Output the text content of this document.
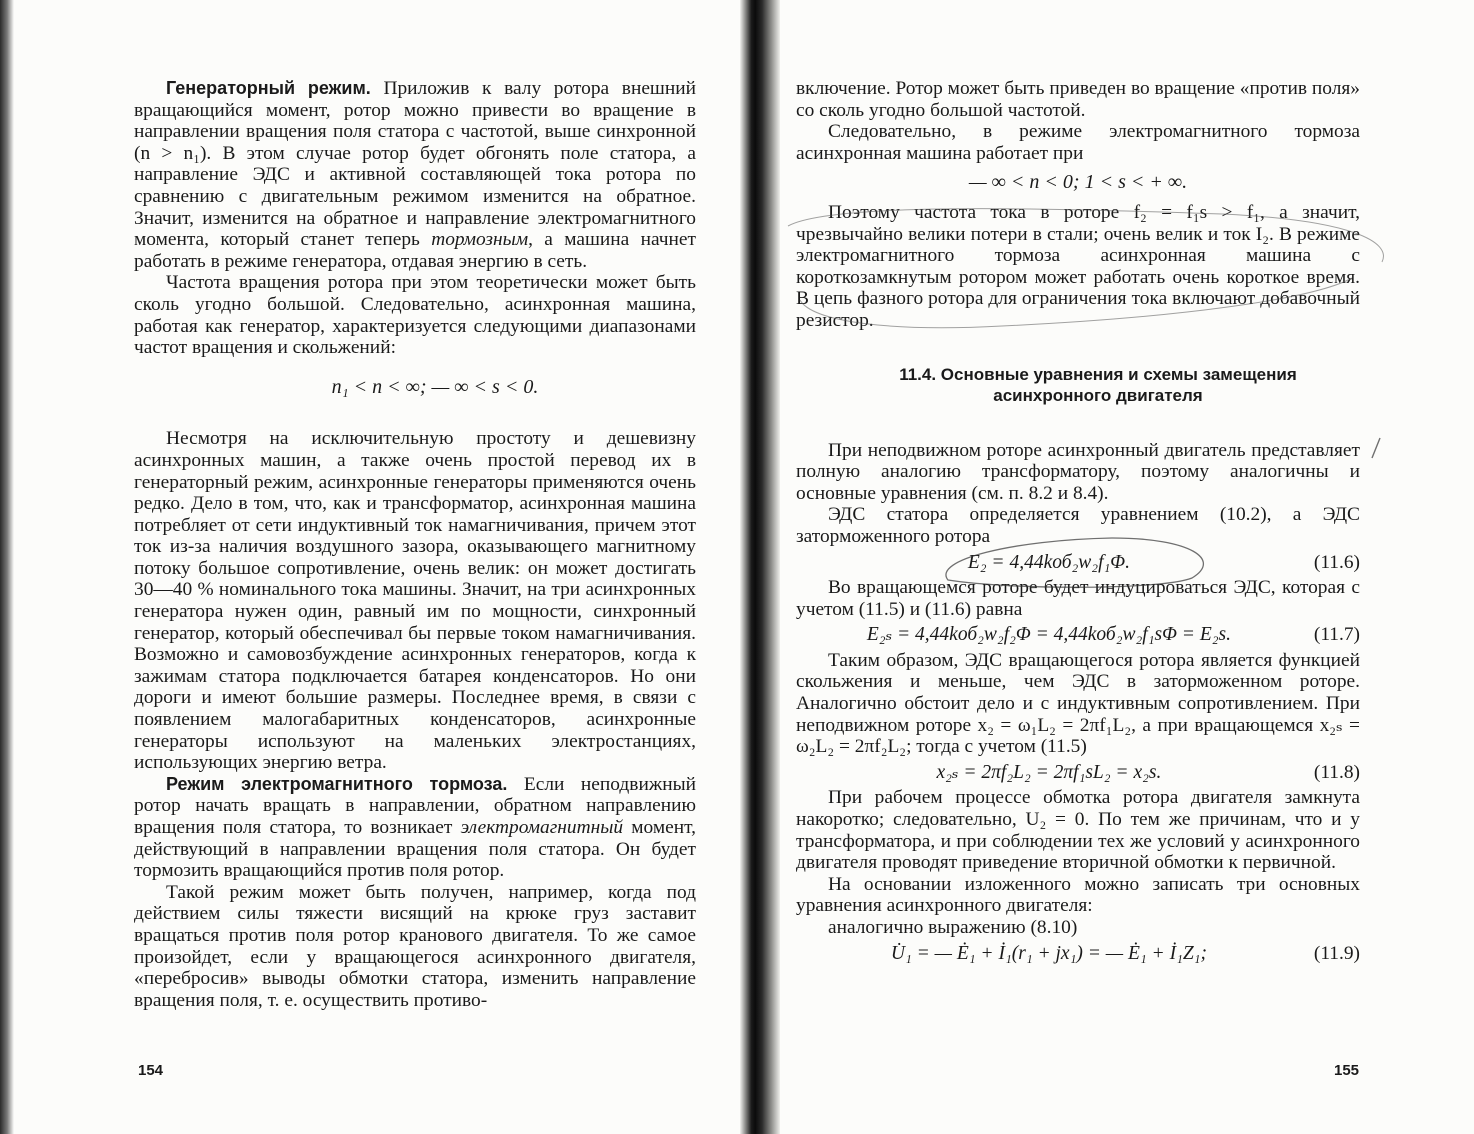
Генераторный режим. Приложив к валу ротора внешний вращающийся момент, ротор можно привести во вращение в направлении вращения поля статора с частотой, выше синхронной (n > n₁). В этом случае ротор будет обгонять поле статора, а направление ЭДС и активной составляющей тока ротора по сравнению с двигательным режимом изменится на обратное. Значит, изменится на обратное и направление электромагнитного момента, который станет теперь тормозным, а машина начнет работать в режиме генератора, отдавая энергию в сеть.

Частота вращения ротора при этом теоретически может быть сколь угодно большой. Следовательно, асинхронная машина, работая как генератор, характеризуется следующими диапазонами частот вращения и скольжений:

n₁ < n < ∞; — ∞ < s < 0.

Несмотря на исключительную простоту и дешевизну асинхронных машин, а также очень простой перевод их в генераторный режим, асинхронные генераторы применяются очень редко. Дело в том, что, как и трансформатор, асинхронная машина потребляет от сети индуктивный ток намагничивания, причем этот ток из-за наличия воздушного зазора, оказывающего магнитному потоку большое сопротивление, очень велик: он может достигать 30—40 % номинального тока машины. Значит, на три асинхронных генератора нужен один, равный им по мощности, синхронный генератор, который обеспечивал бы первые током намагничивания. Возможно и самовозбуждение асинхронных генераторов, когда к зажимам статора подключается батарея конденсаторов. Но они дороги и имеют большие размеры. Последнее время, в связи с появлением малогабаритных конденсаторов, асинхронные генераторы используют на маленьких электростанциях, использующих энергию ветра.

Режим электромагнитного тормоза. Если неподвижный ротор начать вращать в направлении, обратном направлению вращения поля статора, то возникает электромагнитный момент, действующий в направлении вращения поля статора. Он будет тормозить вращающийся против поля ротор.

Такой режим может быть получен, например, когда под действием силы тяжести висящий на крюке груз заставит вращаться против поля ротор кранового двигателя. То же самое произойдет, если у вращающегося асинхронного двигателя, «перебросив» выводы обмотки статора, изменить направление вращения поля, т. е. осуществить противо-

154

включение. Ротор может быть приведен во вращение «против поля» со сколь угодно большой частотой.

Следовательно, в режиме электромагнитного тормоза асинхронная машина работает при

— ∞ < n < 0; 1 < s < + ∞.

Поэтому частота тока в роторе f₂ = f₁s > f₁, а значит, чрезвычайно велики потери в стали; очень велик и ток I₂. В режиме электромагнитного тормоза асинхронная машина с короткозамкнутым ротором может работать очень короткое время. В цепь фазного ротора для ограничения тока включают добавочный резистор.

11.4. Основные уравнения и схемы замещения
асинхронного двигателя

При неподвижном роторе асинхронный двигатель представляет полную аналогию трансформатору, поэтому аналогичны и основные уравнения (см. п. 8.2 и 8.4).

ЭДС статора определяется уравнением (10.2), а ЭДС заторможенного ротора

E₂ = 4,44kоб₂w₂f₁Φ.	(11.6)

Во вращающемся роторе будет индуцироваться ЭДС, которая с учетом (11.5) и (11.6) равна

E₂ₛ = 4,44kоб₂w₂f₂Φ = 4,44kоб₂w₂f₁sΦ = E₂s.	(11.7)

Таким образом, ЭДС вращающегося ротора является функцией скольжения и меньше, чем ЭДС в заторможенном роторе. Аналогично обстоит дело и с индуктивным сопротивлением. При неподвижном роторе x₂ = ω₁L₂ = 2πf₁L₂, а при вращающемся x₂ₛ = ω₂L₂ = 2πf₂L₂; тогда с учетом (11.5)

x₂ₛ = 2πf₂L₂ = 2πf₁sL₂ = x₂s.	(11.8)

При рабочем процессе обмотка ротора двигателя замкнута накоротко; следовательно, U₂ = 0. По тем же причинам, что и у трансформатора, и при соблюдении тех же условий у асинхронного двигателя проводят приведение вторичной обмотки к первичной.

На основании изложенного можно записать три основных уравнения асинхронного двигателя:

аналогично выражению (8.10)

U̇₁ = — Ė₁ + İ₁(r₁ + jx₁) = — Ė₁ + İ₁Z₁;	(11.9)
155
